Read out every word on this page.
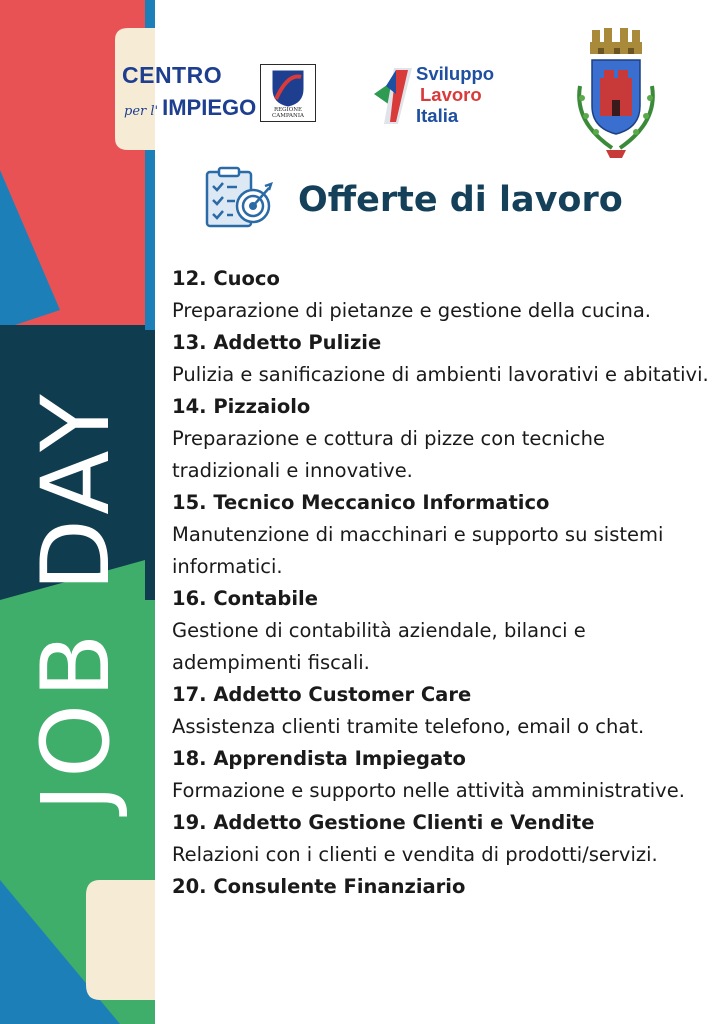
JOB DAY
CENTRO
per l' IMPIEGO	REGIONE CAMPANIA
Sviluppo
Lavoro
Italia
Offerte di lavoro
12. Cuoco
Preparazione di pietanze e gestione della cucina.
13. Addetto Pulizie
Pulizia e sanificazione di ambienti lavorativi e abitativi.
14. Pizzaiolo
Preparazione e cottura di pizze con tecniche tradizionali e innovative.
15. Tecnico Meccanico Informatico
Manutenzione di macchinari e supporto su sistemi informatici.
16. Contabile
Gestione di contabilità aziendale, bilanci e adempimenti fiscali.
17. Addetto Customer Care
Assistenza clienti tramite telefono, email o chat.
18. Apprendista Impiegato
Formazione e supporto nelle attività amministrative.
19. Addetto Gestione Clienti e Vendite
Relazioni con i clienti e vendita di prodotti/servizi.
20. Consulente Finanziario
